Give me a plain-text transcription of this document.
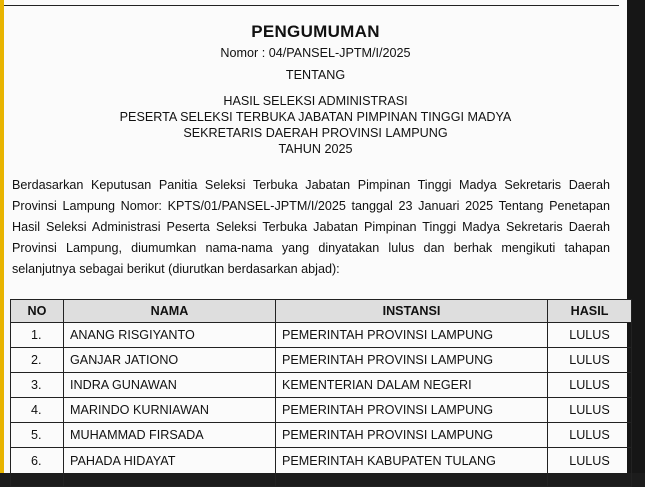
PENGUMUMAN
Nomor : 04/PANSEL-JPTM/I/2025
TENTANG
HASIL SELEKSI ADMINISTRASI
PESERTA SELEKSI TERBUKA JABATAN PIMPINAN TINGGI MADYA
SEKRETARIS DAERAH PROVINSI LAMPUNG
TAHUN 2025
Berdasarkan Keputusan Panitia Seleksi Terbuka Jabatan Pimpinan Tinggi Madya Sekretaris Daerah Provinsi Lampung Nomor: KPTS/01/PANSEL-JPTM/I/2025 tanggal 23 Januari 2025 Tentang Penetapan Hasil Seleksi Administrasi Peserta Seleksi Terbuka Jabatan Pimpinan Tinggi Madya Sekretaris Daerah Provinsi Lampung, diumumkan nama-nama yang dinyatakan lulus dan berhak mengikuti tahapan selanjutnya sebagai berikut (diurutkan berdasarkan abjad):
NO	NAMA	INSTANSI	HASIL
1.	ANANG RISGIYANTO	PEMERINTAH PROVINSI LAMPUNG	LULUS
2.	GANJAR JATIONO	PEMERINTAH PROVINSI LAMPUNG	LULUS
3.	INDRA GUNAWAN	KEMENTERIAN DALAM NEGERI	LULUS
4.	MARINDO KURNIAWAN	PEMERINTAH PROVINSI LAMPUNG	LULUS
5.	MUHAMMAD FIRSADA	PEMERINTAH PROVINSI LAMPUNG	LULUS
6.	PAHADA HIDAYAT	PEMERINTAH KABUPATEN TULANG	LULUS
